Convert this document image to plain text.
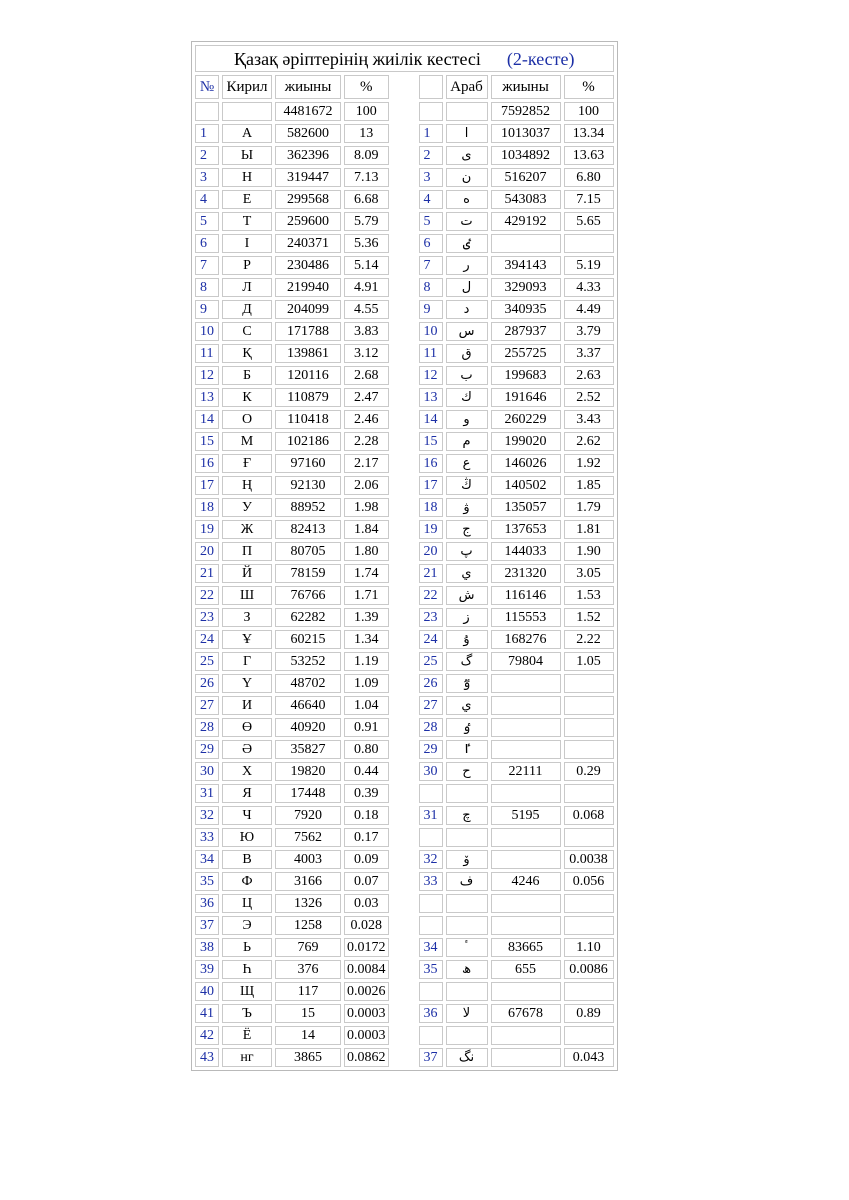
Қазақ әріптерінің жиілік кестесі (2-кесте)								
№	Кирил	жиыны	%			Араб	жиыны	%
		4481672	100				7592852	100
1	А	582600	13		1	ا	1013037	13.34
2	Ы	362396	8.09		2	ى	1034892	13.63
3	Н	319447	7.13		3	ن	516207	6.80
4	Е	299568	6.68		4	ە	543083	7.15
5	Т	259600	5.79		5	ت	429192	5.65
6	І	240371	5.36		6	ٸ		
7	Р	230486	5.14		7	ر	394143	5.19
8	Л	219940	4.91		8	ل	329093	4.33
9	Д	204099	4.55		9	د	340935	4.49
10	С	171788	3.83		10	س	287937	3.79
11	Қ	139861	3.12		11	ق	255725	3.37
12	Б	120116	2.68		12	ب	199683	2.63
13	К	110879	2.47		13	ك	191646	2.52
14	О	110418	2.46		14	و	260229	3.43
15	М	102186	2.28		15	م	199020	2.62
16	Ғ	97160	2.17		16	ع	146026	1.92
17	Ң	92130	2.06		17	ڭ	140502	1.85
18	У	88952	1.98		18	ۋ	135057	1.79
19	Ж	82413	1.84		19	ج	137653	1.81
20	П	80705	1.80		20	پ	144033	1.90
21	Й	78159	1.74		21	ي	231320	3.05
22	Ш	76766	1.71		22	ش	116146	1.53
23	З	62282	1.39		23	ز	115553	1.52
24	Ұ	60215	1.34		24	ۇ	168276	2.22
25	Г	53252	1.19		25	گ	79804	1.05
26	Ү	48702	1.09		26	ٷ		
27	И	46640	1.04		27	ي		
28	Ө	40920	0.91		28	ٶ		
29	Ә	35827	0.80		29	ٵ		
30	Х	19820	0.44		30	ح	22111	0.29
31	Я	17448	0.39					
32	Ч	7920	0.18		31	چ	5195	0.068
33	Ю	7562	0.17					
34	В	4003	0.09		32	ۆ		0.0038
35	Ф	3166	0.07		33	ف	4246	0.056
36	Ц	1326	0.03					
37	Э	1258	0.028					
38	Ь	769	0.0172		34	ٴ	83665	1.10
39	Һ	376	0.0084		35	ھ	655	0.0086
40	Щ	117	0.0026					
41	Ъ	15	0.0003		36	لا	67678	0.89
42	Ё	14	0.0003					
43	нг	3865	0.0862		37	نگ		0.043
